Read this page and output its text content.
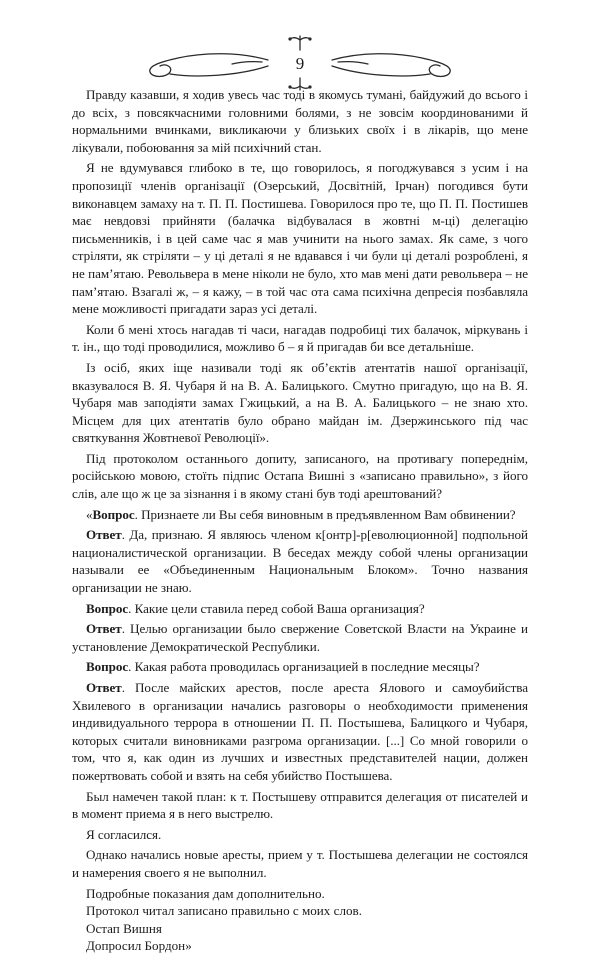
9

Правду казавши, я ходив увесь час тоді в якомусь тумані, байдужий до всього і до всіх, з повсякчасними головними болями, з не зовсім координованими й нормальними вчинками, викликаючи у близьких своїх і в лікарів, що мене лікували, побоювання за мій психічний стан.

Я не вдумувався глибоко в те, що говорилось, я погоджувався з усим і на пропозиції членів організації (Озерський, Досвітній, Ірчан) погодився бути виконавцем замаху на т. П. П. Постишева. Говорилося про те, що П. П. Постишев має невдовзі прийняти (балачка відбувалася в жовтні м-ці) делегацію письменників, і в цей саме час я мав учинити на нього замах. Як саме, з чого стріляти, як стріляти – у ці деталі я не вдавався і чи були ці деталі розроблені, я не пам’ятаю. Револьвера в мене ніколи не було, хто мав мені дати револьвера – не пам’ятаю. Взагалі ж, – я кажу, – в той час ота сама психічна депресія позбавляла мене можливості пригадати зараз усі деталі.

Коли б мені хтось нагадав ті часи, нагадав подробиці тих балачок, міркувань і т. ін., що тоді проводилися, можливо б – я й пригадав би все детальніше.

Із осіб, яких іще називали тоді як об’єктів атентатів нашої організації, вказувалося В. Я. Чубаря й на В. А. Балицького. Смутно пригадую, що на В. Я. Чубаря мав заподіяти замах Гжицький, а на В. А. Балицького – не знаю хто. Місцем для цих атентатів було обрано майдан ім. Дзержинського під час святкування Жовтневої Революції».

Під протоколом останнього допиту, записаного, на противагу попереднім, російською мовою, стоїть підпис Остапа Вишні з «записано правильно», з його слів, але що ж це за зізнання і в якому стані був тоді арештований?

«Вопрос. Признаете ли Вы себя виновным в предъявленном Вам обвинении?

Ответ. Да, признаю. Я являюсь членом к[онтр]-р[еволюционной] подпольной националистической организации. В беседах между собой члены организации называли ее «Объединенным Национальным Блоком». Точно названия организации не знаю.

Вопрос. Какие цели ставила перед собой Ваша организация?

Ответ. Целью организации было свержение Советской Власти на Украине и установление Демократической Республики.

Вопрос. Какая работа проводилась организацией в последние месяцы?

Ответ. После майских арестов, после ареста Ялового и самоубийства Хвилевого в организации начались разговоры о необходимости применения индивидуального террора в отношении П. П. Постышева, Балицкого и Чубаря, которых считали виновниками разгрома организации. [...] Со мной говорили о том, что я, как один из лучших и известных представителей нации, должен пожертвовать собой и взять на себя убийство Постышева.

Был намечен такой план: к т. Постышеву отправится делегация от писателей и в момент приема я в него выстрелю.

Я согласился.

Однако начались новые аресты, прием у т. Постышева делегации не состоялся и намерения своего я не выполнил.

Подробные показания дам дополнительно.

Протокол читал записано правильно с моих слов.

Остап Вишня

Допросил Бордон»
